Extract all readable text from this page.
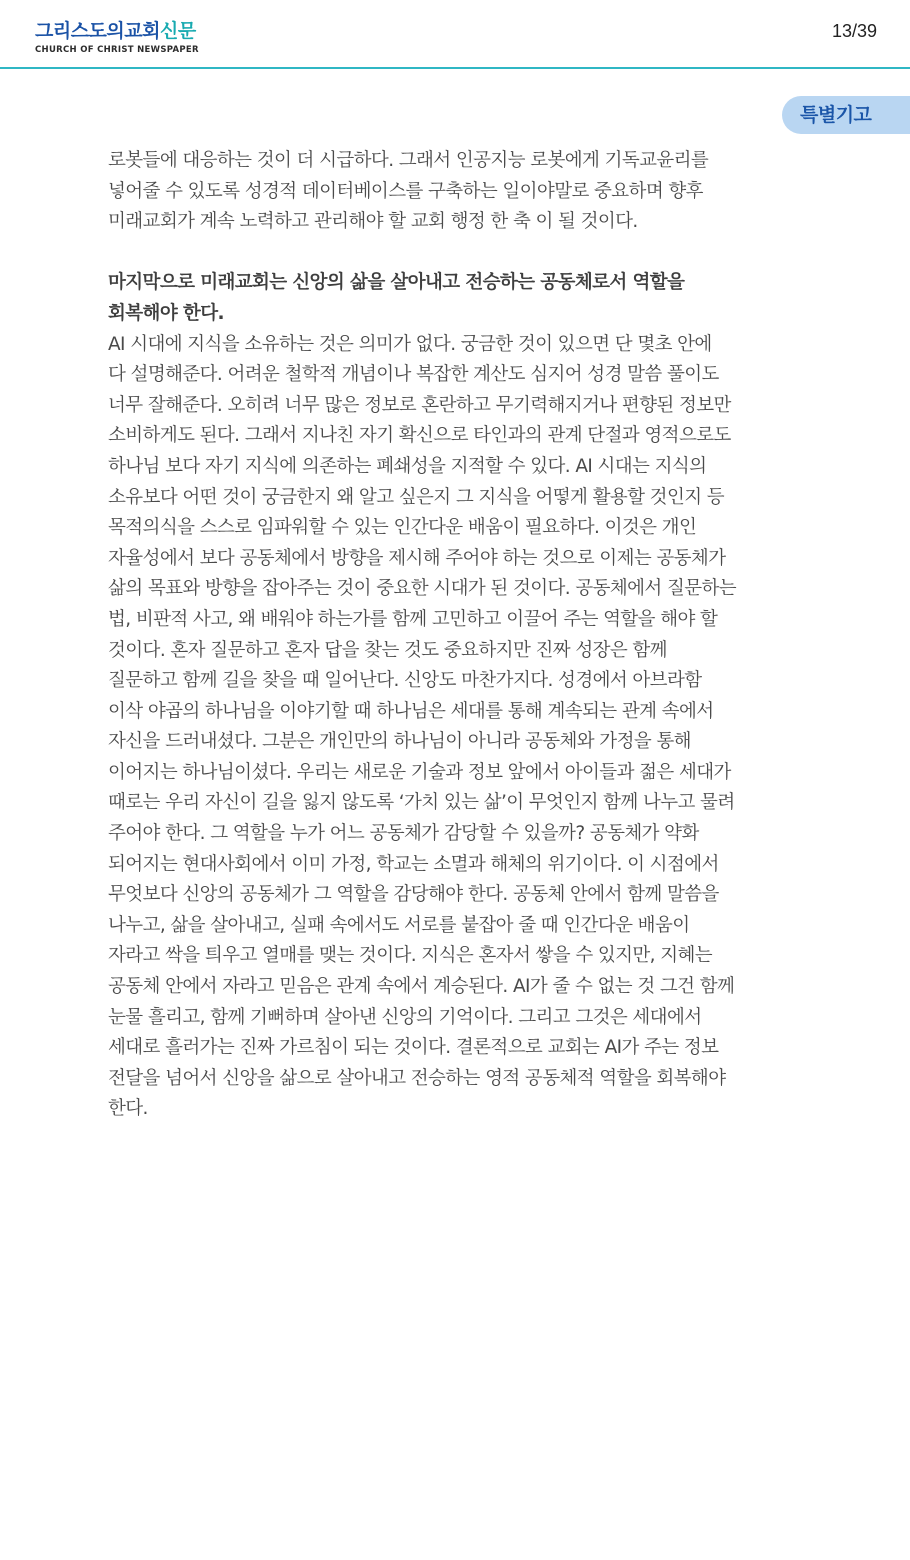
그리스도의교회신문
CHURCH OF CHRIST NEWSPAPER
13/39
특별기고

로봇들에 대응하는 것이 더 시급하다. 그래서 인공지능 로봇에게 기독교윤리를

넣어줄 수 있도록 성경적 데이터베이스를 구축하는 일이야말로 중요하며 향후

미래교회가 계속 노력하고 관리해야 할 교회 행정 한 축 이 될 것이다.

마지막으로 미래교회는 신앙의 삶을 살아내고 전승하는 공동체로서 역할을

회복해야 한다.

AI 시대에 지식을 소유하는 것은 의미가 없다. 궁금한 것이 있으면 단 몇초 안에

다 설명해준다. 어려운 철학적 개념이나 복잡한 계산도 심지어 성경 말씀 풀이도

너무 잘해준다. 오히려 너무 많은 정보로 혼란하고 무기력해지거나 편향된 정보만

소비하게도 된다. 그래서 지나친 자기 확신으로 타인과의 관계 단절과 영적으로도

하나님 보다 자기 지식에 의존하는 폐쇄성을 지적할 수 있다. AI 시대는 지식의

소유보다 어떤 것이 궁금한지 왜 알고 싶은지 그 지식을 어떻게 활용할 것인지 등

목적의식을 스스로 임파워할 수 있는 인간다운 배움이 필요하다. 이것은 개인

자율성에서 보다 공동체에서 방향을 제시해 주어야 하는 것으로 이제는 공동체가

삶의 목표와 방향을 잡아주는 것이 중요한 시대가 된 것이다. 공동체에서 질문하는

법, 비판적 사고, 왜 배워야 하는가를 함께 고민하고 이끌어 주는 역할을 해야 할

것이다. 혼자 질문하고 혼자 답을 찾는 것도 중요하지만 진짜 성장은 함께

질문하고 함께 길을 찾을 때 일어난다. 신앙도 마찬가지다. 성경에서 아브라함

이삭 야곱의 하나님을 이야기할 때 하나님은 세대를 통해 계속되는 관계 속에서

자신을 드러내셨다. 그분은 개인만의 하나님이 아니라 공동체와 가정을 통해

이어지는 하나님이셨다. 우리는 새로운 기술과 정보 앞에서 아이들과 젊은 세대가

때로는 우리 자신이 길을 잃지 않도록 ‘가치 있는 삶’이 무엇인지 함께 나누고 물려

주어야 한다. 그 역할을 누가 어느 공동체가 감당할 수 있을까? 공동체가 약화

되어지는 현대사회에서 이미 가정, 학교는 소멸과 해체의 위기이다. 이 시점에서

무엇보다 신앙의 공동체가 그 역할을 감당해야 한다. 공동체 안에서 함께 말씀을

나누고, 삶을 살아내고, 실패 속에서도 서로를 붙잡아 줄 때 인간다운 배움이

자라고 싹을 틔우고 열매를 맺는 것이다. 지식은 혼자서 쌓을 수 있지만, 지혜는

공동체 안에서 자라고 믿음은 관계 속에서 계승된다. AI가 줄 수 없는 것 그건 함께

눈물 흘리고, 함께 기뻐하며 살아낸 신앙의 기억이다. 그리고 그것은 세대에서

세대로 흘러가는 진짜 가르침이 되는 것이다. 결론적으로 교회는 AI가 주는 정보

전달을 넘어서 신앙을 삶으로 살아내고 전승하는 영적 공동체적 역할을 회복해야

한다.
